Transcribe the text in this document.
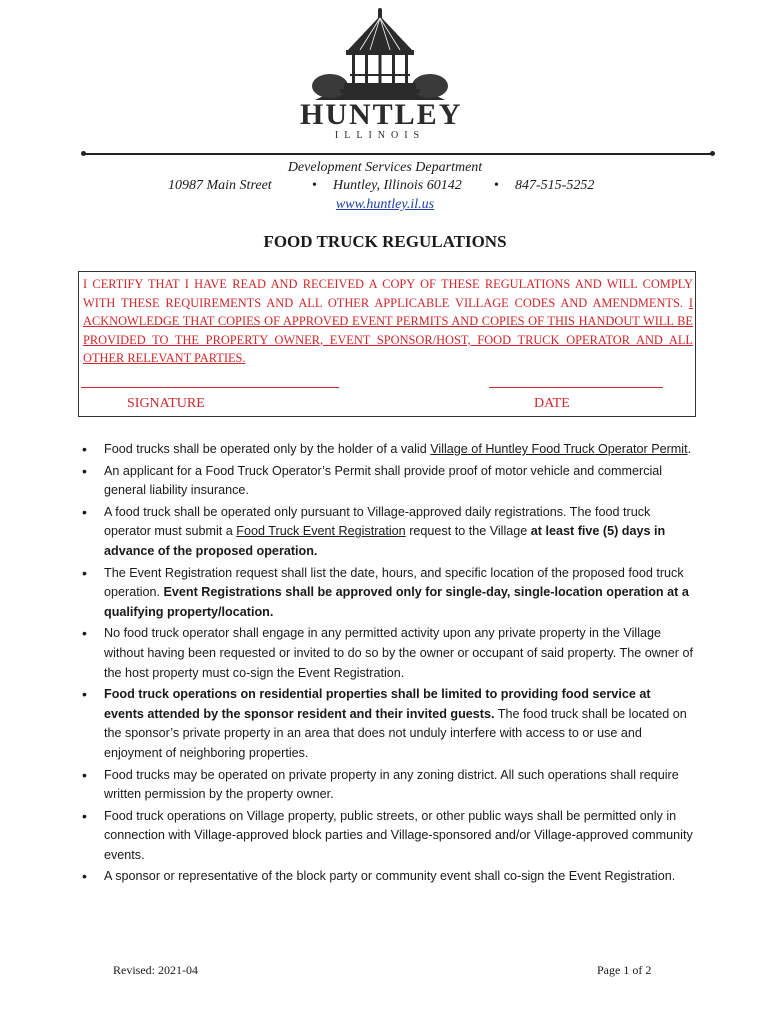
HUNTLEY
ILLINOIS
Development Services Department
10987 Main Street	• Huntley, Illinois 60142 • 847-515-5252
www.huntley.il.us
FOOD TRUCK REGULATIONS
I CERTIFY THAT I HAVE READ AND RECEIVED A COPY OF THESE REGULATIONS AND WILL COMPLY WITH THESE REQUIREMENTS AND ALL OTHER APPLICABLE VILLAGE CODES AND AMENDMENTS. I ACKNOWLEDGE THAT COPIES OF APPROVED EVENT PERMITS AND COPIES OF THIS HANDOUT WILL BE PROVIDED TO THE PROPERTY OWNER, EVENT SPONSOR/HOST, FOOD TRUCK OPERATOR AND ALL OTHER RELEVANT PARTIES.
SIGNATURE	DATE
• Food trucks shall be operated only by the holder of a valid Village of Huntley Food Truck Operator Permit.
• An applicant for a Food Truck Operator’s Permit shall provide proof of motor vehicle and commercial general liability insurance.
• A food truck shall be operated only pursuant to Village-approved daily registrations. The food truck operator must submit a Food Truck Event Registration request to the Village at least five (5) days in advance of the proposed operation.
• The Event Registration request shall list the date, hours, and specific location of the proposed food truck operation. Event Registrations shall be approved only for single-day, single-location operation at a qualifying property/location.
• No food truck operator shall engage in any permitted activity upon any private property in the Village without having been requested or invited to do so by the owner or occupant of said property. The owner of the host property must co-sign the Event Registration.
• Food truck operations on residential properties shall be limited to providing food service at events attended by the sponsor resident and their invited guests. The food truck shall be located on the sponsor’s private property in an area that does not unduly interfere with access to or use and enjoyment of neighboring properties.
• Food trucks may be operated on private property in any zoning district. All such operations shall require written permission by the property owner.
• Food truck operations on Village property, public streets, or other public ways shall be permitted only in connection with Village-approved block parties and Village-sponsored and/or Village-approved community events.
• A sponsor or representative of the block party or community event shall co-sign the Event Registration.
Revised: 2021-04	Page 1 of 2
